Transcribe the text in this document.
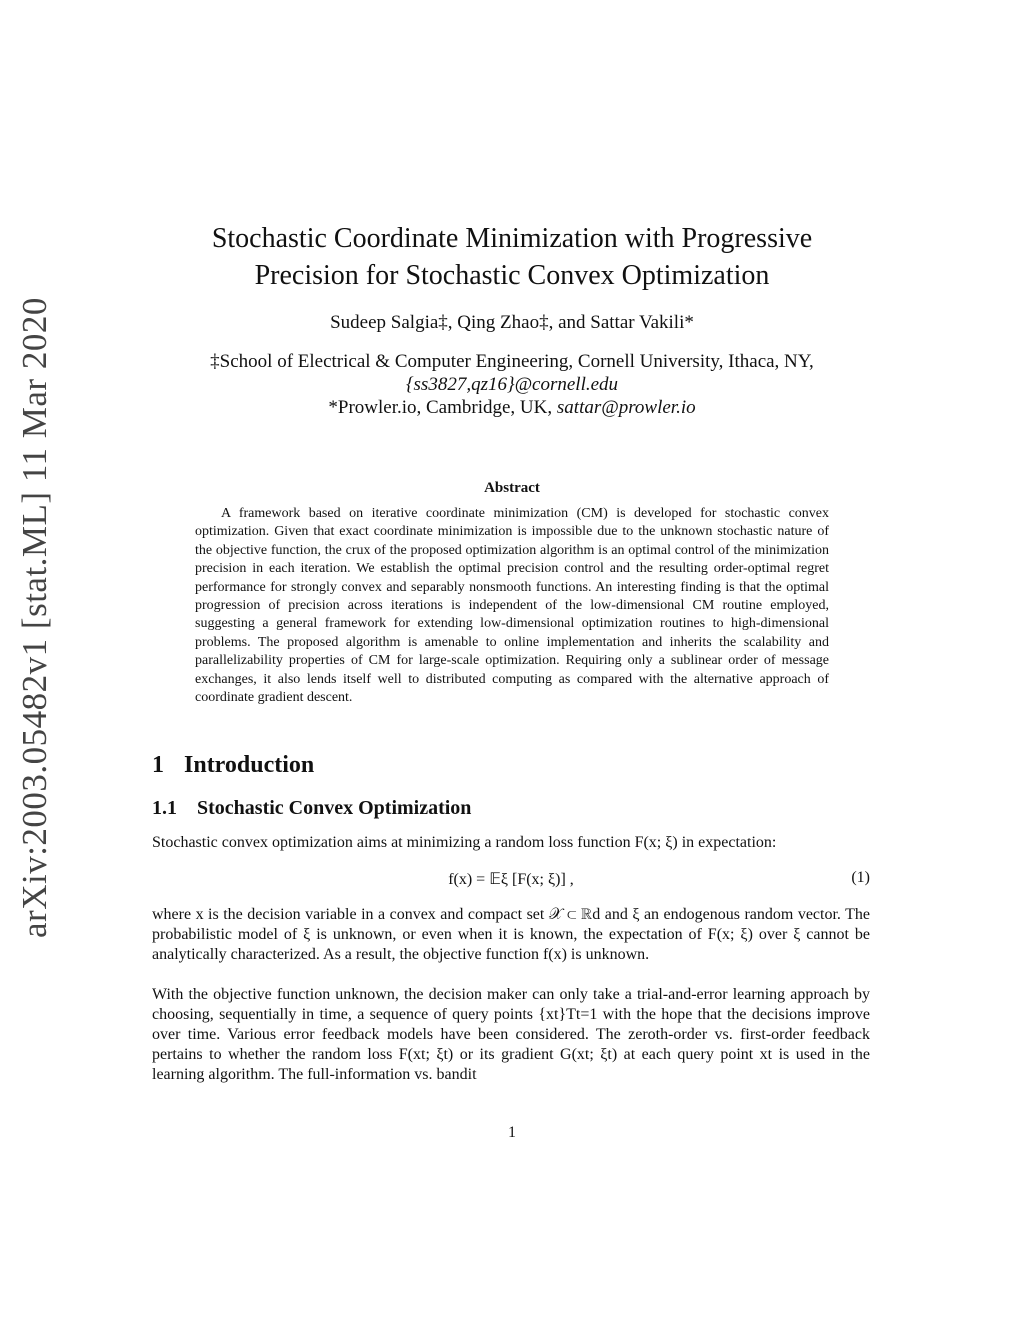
arXiv:2003.05482v1 [stat.ML] 11 Mar 2020
Stochastic Coordinate Minimization with Progressive
Precision for Stochastic Convex Optimization
Sudeep Salgia‡, Qing Zhao‡, and Sattar Vakili*
‡School of Electrical & Computer Engineering, Cornell University, Ithaca, NY,
{ss3827,qz16}@cornell.edu
*Prowler.io, Cambridge, UK, sattar@prowler.io
Abstract
A framework based on iterative coordinate minimization (CM) is developed for stochastic convex optimization. Given that exact coordinate minimization is impossible due to the unknown stochastic nature of the objective function, the crux of the proposed optimization algorithm is an optimal control of the minimization precision in each iteration. We establish the optimal precision control and the resulting order-optimal regret performance for strongly convex and separably nonsmooth functions. An interesting finding is that the optimal progression of precision across iterations is independent of the low-dimensional CM routine employed, suggesting a general framework for extending low-dimensional optimization routines to high-dimensional problems. The proposed algorithm is amenable to online implementation and inherits the scalability and parallelizability properties of CM for large-scale optimization. Requiring only a sublinear order of message exchanges, it also lends itself well to distributed computing as compared with the alternative approach of coordinate gradient descent.
1 Introduction
1.1 Stochastic Convex Optimization
Stochastic convex optimization aims at minimizing a random loss function F(x; ξ) in expectation:
f(x) = 𝔼ξ [F(x; ξ)] ,	(1)
where x is the decision variable in a convex and compact set 𝒳 ⊂ ℝd and ξ an endogenous random vector. The probabilistic model of ξ is unknown, or even when it is known, the expectation of F(x; ξ) over ξ cannot be analytically characterized. As a result, the objective function f(x) is unknown.
With the objective function unknown, the decision maker can only take a trial-and-error learning approach by choosing, sequentially in time, a sequence of query points {xt}Tt=1 with the hope that the decisions improve over time. Various error feedback models have been considered. The zeroth-order vs. first-order feedback pertains to whether the random loss F(xt; ξt) or its gradient G(xt; ξt) at each query point xt is used in the learning algorithm. The full-information vs. bandit
1
